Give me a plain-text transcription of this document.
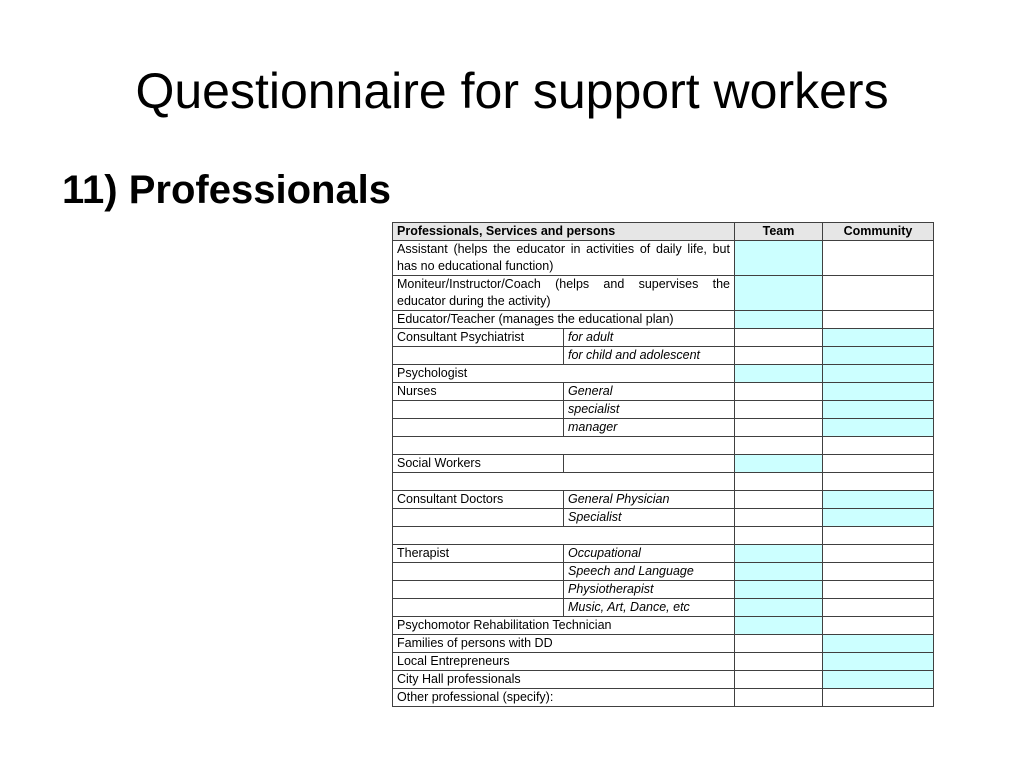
Questionnaire for support workers
11) Professionals
Professionals, Services and persons		Team	Community
Assistant (helps the educator in activities of daily life, but has no educational function)			
Moniteur/Instructor/Coach (helps and supervises the educator during the activity)			
Educator/Teacher (manages the educational plan)			
Consultant Psychiatrist	for adult		
	for child and adolescent		
Psychologist			
Nurses	General		
	specialist		
	manager		

Social Workers			

Consultant Doctors	General Physician		
	Specialist		

Therapist	Occupational		
	Speech and Language		
	Physiotherapist		
	Music, Art, Dance, etc		
Psychomotor Rehabilitation Technician			
Families of persons with DD			
Local Entrepreneurs			
City Hall professionals			
Other professional (specify):			
